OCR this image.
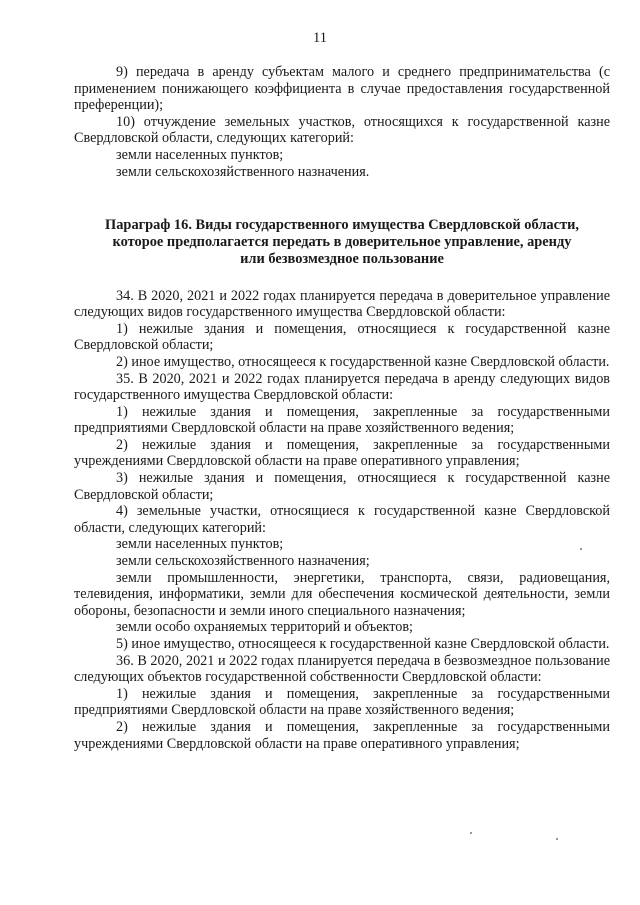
11

9) передача в аренду субъектам малого и среднего предпринимательства (с применением понижающего коэффициента в случае предоставления государственной преференции);

10) отчуждение земельных участков, относящихся к государственной казне Свердловской области, следующих категорий:

земли населенных пунктов;

земли сельскохозяйственного назначения.

Параграф 16. Виды государственного имущества Свердловской области,
которое предполагается передать в доверительное управление, аренду
или безвозмездное пользование

34. В 2020, 2021 и 2022 годах планируется передача в доверительное управление следующих видов государственного имущества Свердловской области:

1) нежилые здания и помещения, относящиеся к государственной казне Свердловской области;

2) иное имущество, относящееся к государственной казне Свердловской области.

35. В 2020, 2021 и 2022 годах планируется передача в аренду следующих видов государственного имущества Свердловской области:

1) нежилые здания и помещения, закрепленные за государственными предприятиями Свердловской области на праве хозяйственного ведения;

2) нежилые здания и помещения, закрепленные за государственными учреждениями Свердловской области на праве оперативного управления;

3) нежилые здания и помещения, относящиеся к государственной казне Свердловской области;

4) земельные участки, относящиеся к государственной казне Свердловской области, следующих категорий:

земли населенных пунктов;

земли сельскохозяйственного назначения;

земли промышленности, энергетики, транспорта, связи, радиовещания, телевидения, информатики, земли для обеспечения космической деятельности, земли обороны, безопасности и земли иного специального назначения;

земли особо охраняемых территорий и объектов;

5) иное имущество, относящееся к государственной казне Свердловской области.

36. В 2020, 2021 и 2022 годах планируется передача в безвозмездное пользование следующих объектов государственной собственности Свердловской области:

1) нежилые здания и помещения, закрепленные за государственными предприятиями Свердловской области на праве хозяйственного ведения;

2) нежилые здания и помещения, закрепленные за государственными учреждениями Свердловской области на праве оперативного управления;
